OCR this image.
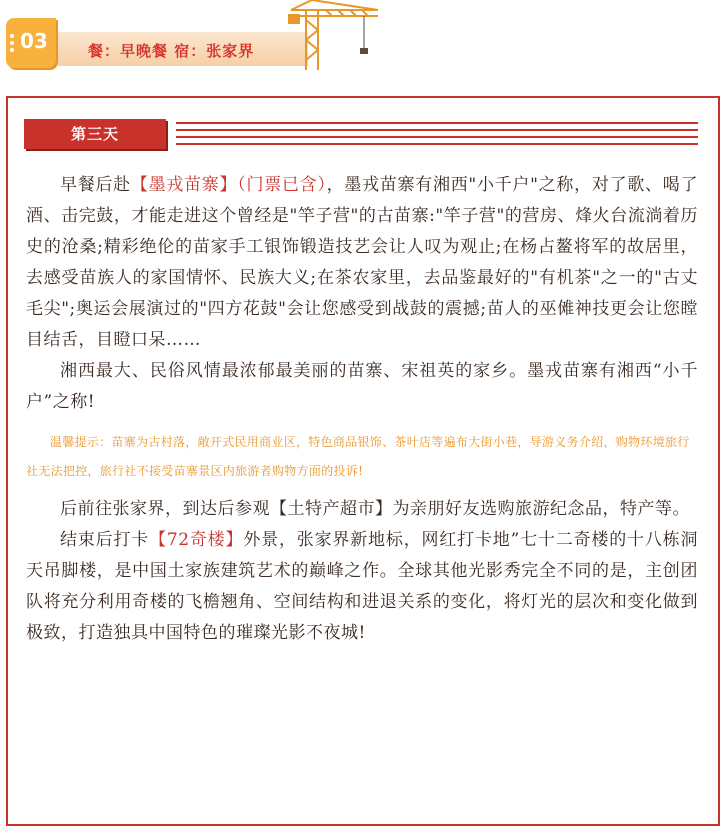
03	餐：早晚餐 宿：张家界
第三天

早餐后赴【墨戎苗寨】（门票已含），墨戎苗寨有湘西"小千户"之称，对了歌、喝了酒、击完鼓，才能走进这个曾经是"竿子营"的古苗寨:"竿子营"的营房、烽火台流淌着历史的沧桑;精彩绝伦的苗家手工银饰锻造技艺会让人叹为观止;在杨占鳌将军的故居里，去感受苗族人的家国情怀、民族大义;在茶农家里，去品鉴最好的"有机茶"之一的"古丈毛尖";奥运会展演过的"四方花鼓"会让您感受到战鼓的震撼;苗人的巫傩神技更会让您瞠目结舌，目瞪口呆……

湘西最大、民俗风情最浓郁最美丽的苗寨、宋祖英的家乡。墨戎苗寨有湘西“小千户”之称!

温馨提示：苗寨为古村落，敞开式民用商业区，特色商品银饰、茶叶店等遍布大街小巷，导游义务介绍，购物环境旅行社无法把控，旅行社不接受苗寨景区内旅游者购物方面的投诉!

后前往张家界，到达后参观【土特产超市】为亲朋好友选购旅游纪念品，特产等。

结束后打卡【72奇楼】外景，张家界新地标，网红打卡地”七十二奇楼的十八栋洞天吊脚楼，是中国土家族建筑艺术的巅峰之作。全球其他光影秀完全不同的是，主创团队将充分利用奇楼的飞檐翘角、空间结构和进退关系的变化，将灯光的层次和变化做到极致，打造独具中国特色的璀璨光影不夜城!
